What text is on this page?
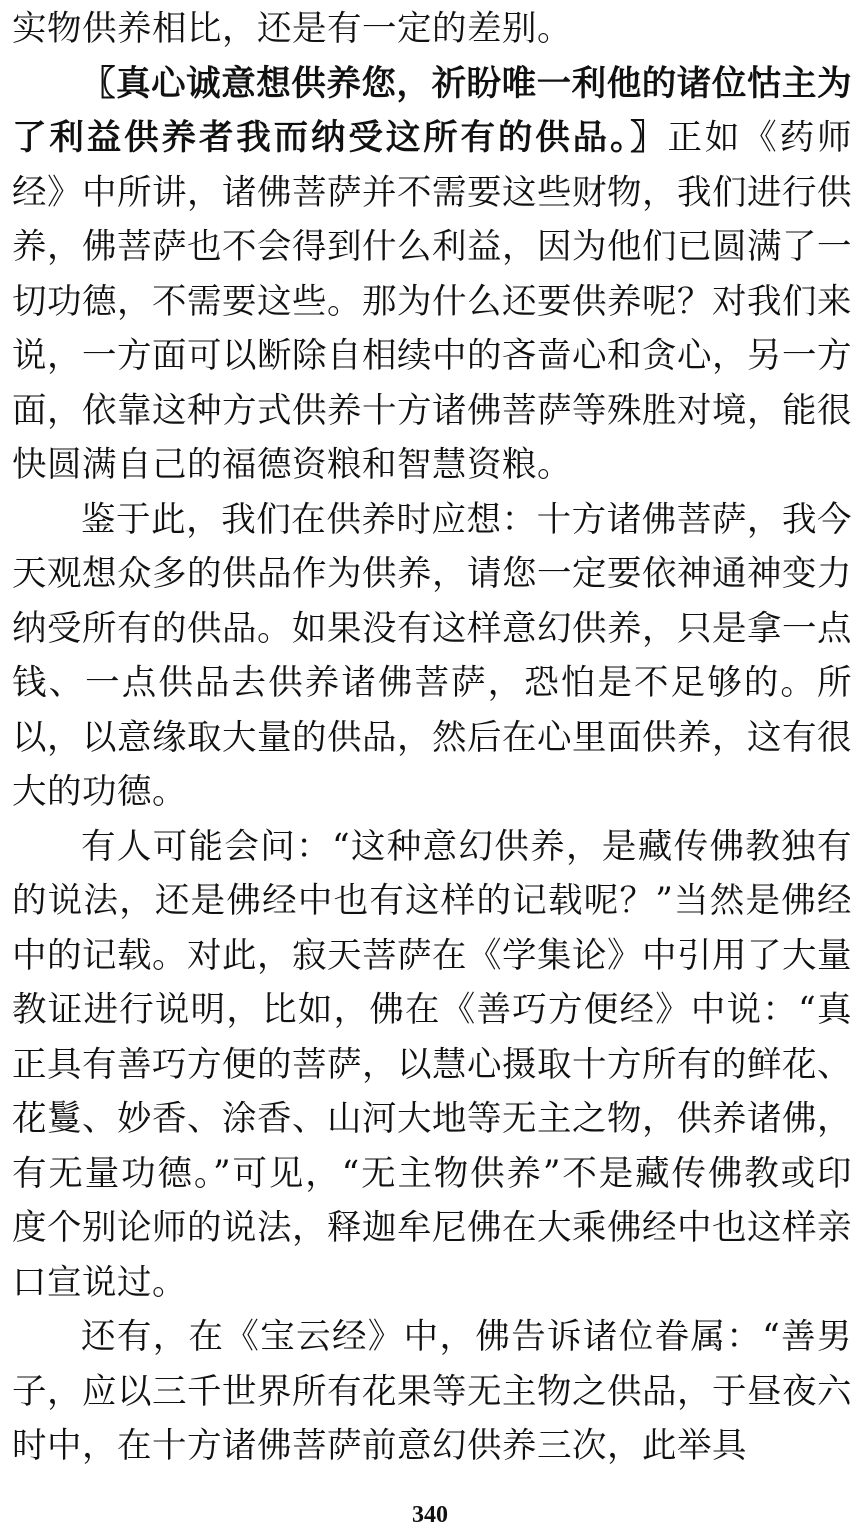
实物供养相比，还是有一定的差别。

〖真心诚意想供养您，祈盼唯一利他的诸位怙主为了利益供养者我而纳受这所有的供品。〗正如《药师经》中所讲，诸佛菩萨并不需要这些财物，我们进行供养，佛菩萨也不会得到什么利益，因为他们已圆满了一切功德，不需要这些。那为什么还要供养呢？对我们来说，一方面可以断除自相续中的吝啬心和贪心，另一方面，依靠这种方式供养十方诸佛菩萨等殊胜对境，能很快圆满自己的福德资粮和智慧资粮。

鉴于此，我们在供养时应想：十方诸佛菩萨，我今天观想众多的供品作为供养，请您一定要依神通神变力纳受所有的供品。如果没有这样意幻供养，只是拿一点钱、一点供品去供养诸佛菩萨，恐怕是不足够的。所以，以意缘取大量的供品，然后在心里面供养，这有很大的功德。

有人可能会问：“这种意幻供养，是藏传佛教独有的说法，还是佛经中也有这样的记载呢？”当然是佛经中的记载。对此，寂天菩萨在《学集论》中引用了大量教证进行说明，比如，佛在《善巧方便经》中说：“真正具有善巧方便的菩萨，以慧心摄取十方所有的鲜花、花鬘、妙香、涂香、山河大地等无主之物，供养诸佛，有无量功德。”可见，“无主物供养”不是藏传佛教或印度个别论师的说法，释迦牟尼佛在大乘佛经中也这样亲口宣说过。

还有，在《宝云经》中，佛告诉诸位眷属：“善男子，应以三千世界所有花果等无主物之供品，于昼夜六时中，在十方诸佛菩萨前意幻供养三次，此举具

340
